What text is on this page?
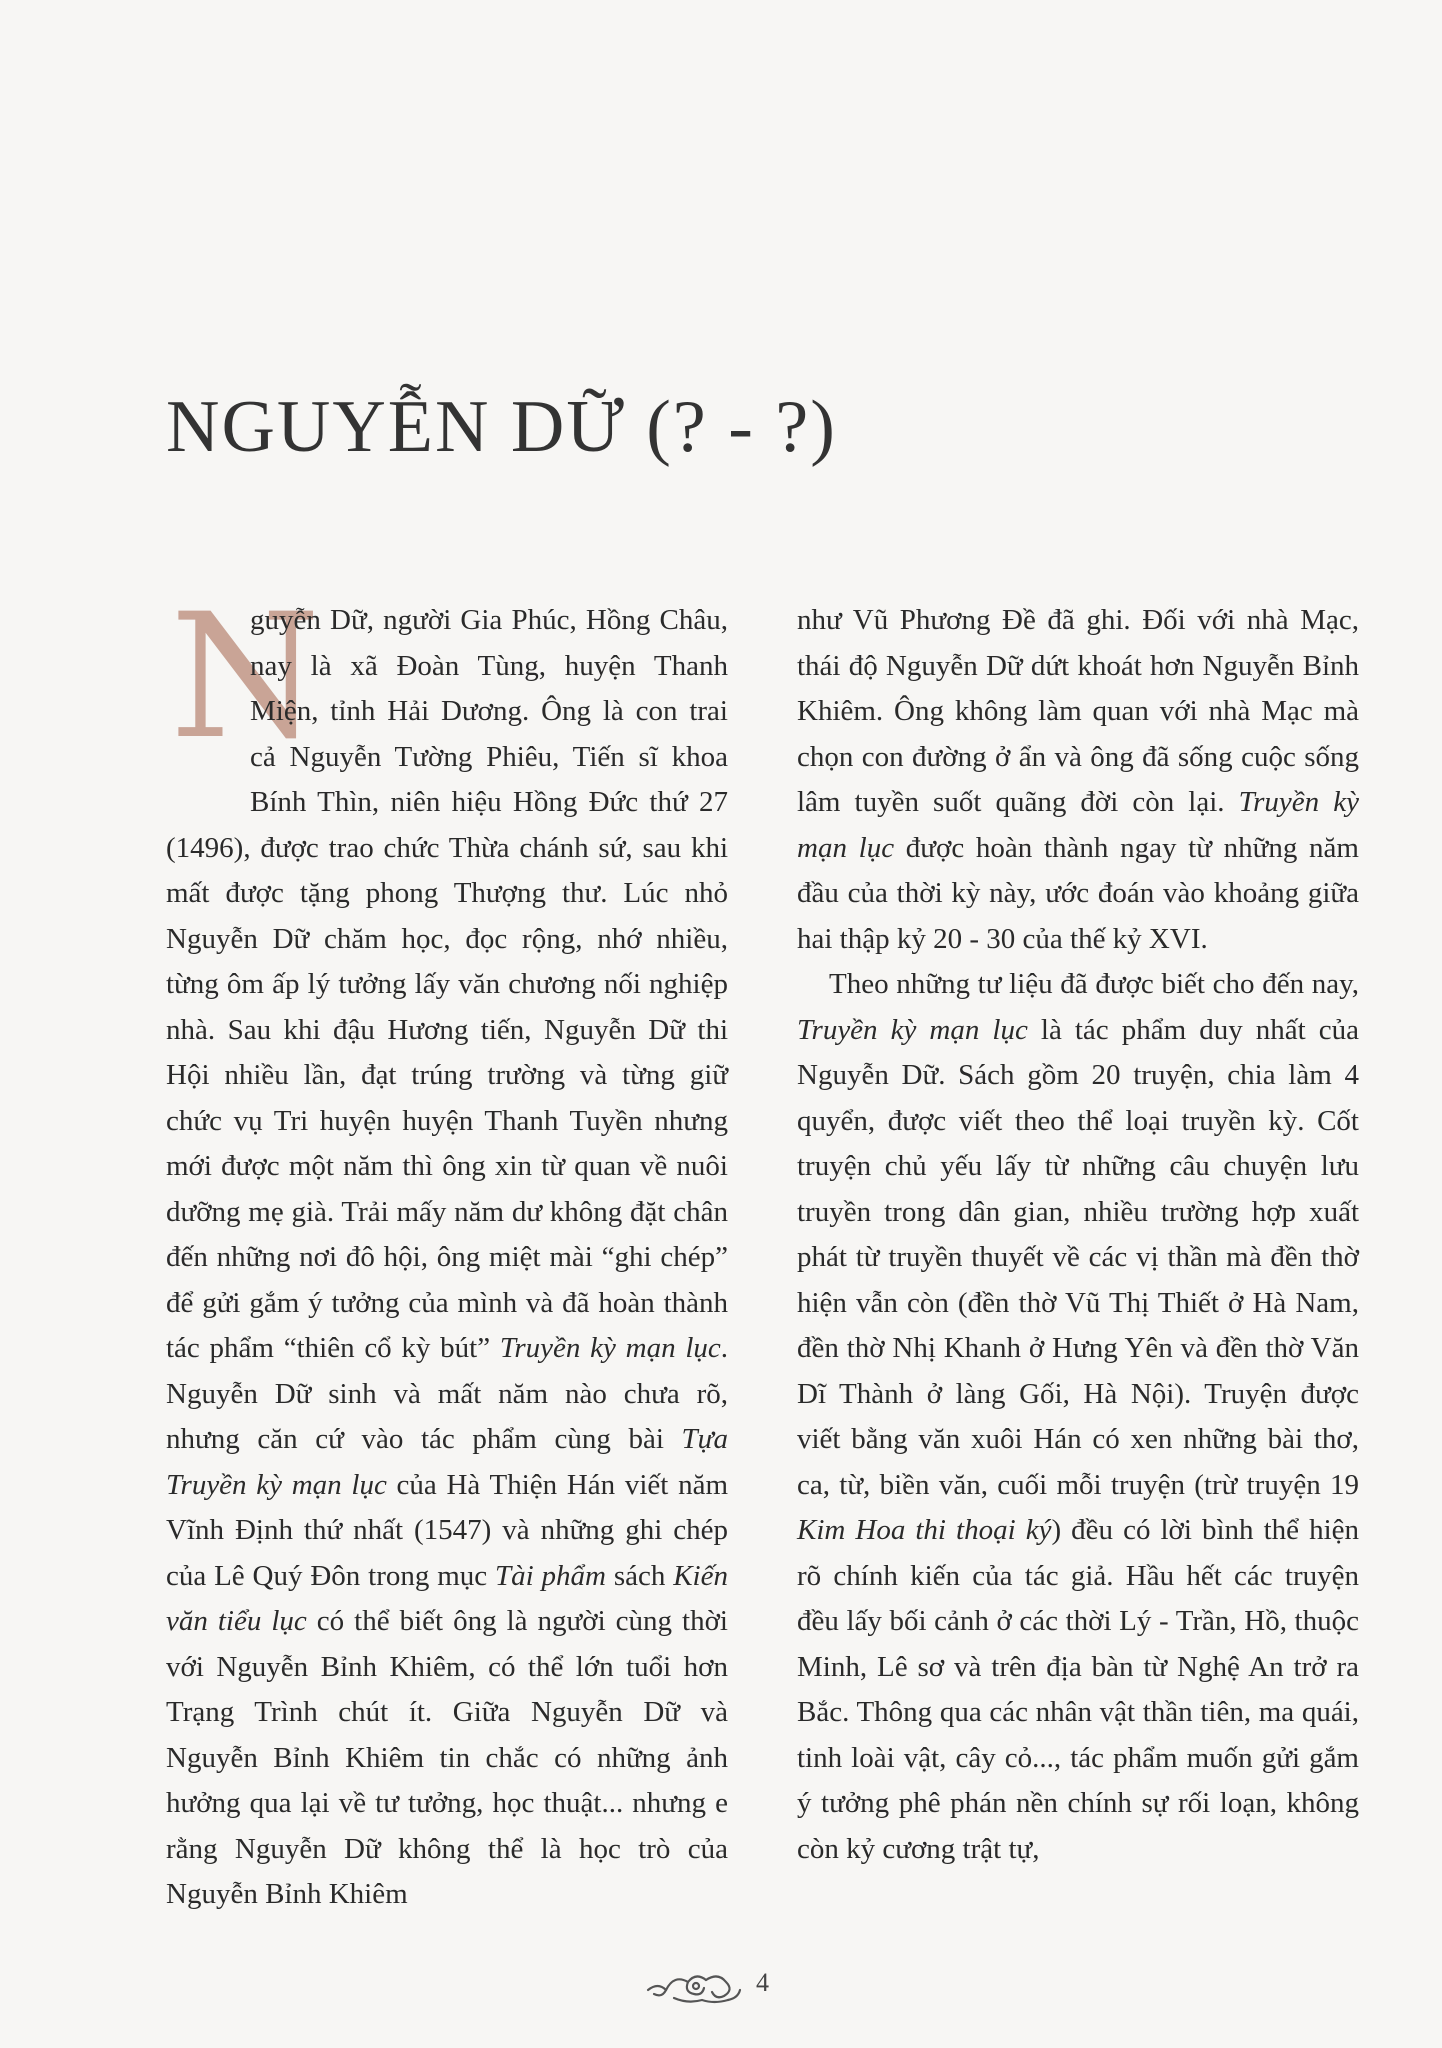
NGUYỄN DỮ (? - ?)

N
guyễn Dữ, người Gia Phúc, Hồng Châu, nay là xã Đoàn Tùng, huyện Thanh Miện, tỉnh Hải Dương. Ông là con trai cả Nguyễn Tường Phiêu, Tiến sĩ khoa Bính Thìn, niên hiệu Hồng Đức thứ 27 (1496), được trao chức Thừa chánh sứ, sau khi mất được tặng phong Thượng thư. Lúc nhỏ Nguyễn Dữ chăm học, đọc rộng, nhớ nhiều, từng ôm ấp lý tưởng lấy văn chương nối nghiệp nhà. Sau khi đậu Hương tiến, Nguyễn Dữ thi Hội nhiều lần, đạt trúng trường và từng giữ chức vụ Tri huyện huyện Thanh Tuyền nhưng mới được một năm thì ông xin từ quan về nuôi dưỡng mẹ già. Trải mấy năm dư không đặt chân đến những nơi đô hội, ông miệt mài “ghi chép” để gửi gắm ý tưởng của mình và đã hoàn thành tác phẩm “thiên cổ kỳ bút” Truyền kỳ mạn lục. Nguyễn Dữ sinh và mất năm nào chưa rõ, nhưng căn cứ vào tác phẩm cùng bài Tựa Truyền kỳ mạn lục của Hà Thiện Hán viết năm Vĩnh Định thứ nhất (1547) và những ghi chép của Lê Quý Đôn trong mục Tài phẩm sách Kiến văn tiểu lục có thể biết ông là người cùng thời với Nguyễn Bỉnh Khiêm, có thể lớn tuổi hơn Trạng Trình chút ít. Giữa Nguyễn Dữ và Nguyễn Bỉnh Khiêm tin chắc có những ảnh hưởng qua lại về tư tưởng, học thuật... nhưng e rằng Nguyễn Dữ không thể là học trò của Nguyễn Bỉnh Khiêm

như Vũ Phương Đề đã ghi. Đối với nhà Mạc, thái độ Nguyễn Dữ dứt khoát hơn Nguyễn Bỉnh Khiêm. Ông không làm quan với nhà Mạc mà chọn con đường ở ẩn và ông đã sống cuộc sống lâm tuyền suốt quãng đời còn lại. Truyền kỳ mạn lục được hoàn thành ngay từ những năm đầu của thời kỳ này, ước đoán vào khoảng giữa hai thập kỷ 20 - 30 của thế kỷ XVI.

Theo những tư liệu đã được biết cho đến nay, Truyền kỳ mạn lục là tác phẩm duy nhất của Nguyễn Dữ. Sách gồm 20 truyện, chia làm 4 quyển, được viết theo thể loại truyền kỳ. Cốt truyện chủ yếu lấy từ những câu chuyện lưu truyền trong dân gian, nhiều trường hợp xuất phát từ truyền thuyết về các vị thần mà đền thờ hiện vẫn còn (đền thờ Vũ Thị Thiết ở Hà Nam, đền thờ Nhị Khanh ở Hưng Yên và đền thờ Văn Dĩ Thành ở làng Gối, Hà Nội). Truyện được viết bằng văn xuôi Hán có xen những bài thơ, ca, từ, biền văn, cuối mỗi truyện (trừ truyện 19 Kim Hoa thi thoại ký) đều có lời bình thể hiện rõ chính kiến của tác giả. Hầu hết các truyện đều lấy bối cảnh ở các thời Lý - Trần, Hồ, thuộc Minh, Lê sơ và trên địa bàn từ Nghệ An trở ra Bắc. Thông qua các nhân vật thần tiên, ma quái, tinh loài vật, cây cỏ..., tác phẩm muốn gửi gắm ý tưởng phê phán nền chính sự rối loạn, không còn kỷ cương trật tự,

4
